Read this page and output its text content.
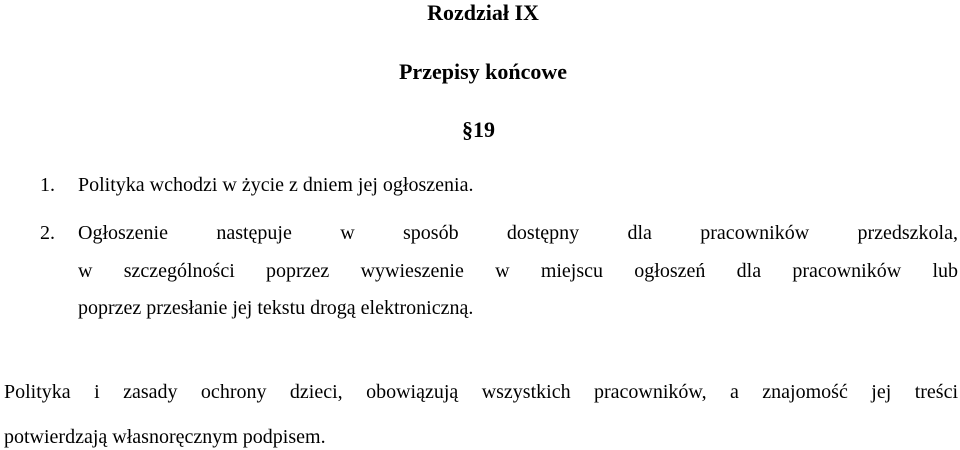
Rozdział IX
Przepisy końcowe
§19
1.	Polityka wchodzi w życie z dniem jej ogłoszenia.
2.	Ogłoszenie następuje w sposób dostępny dla pracowników przedszkola,
w szczególności poprzez wywieszenie w miejscu ogłoszeń dla pracowników lub
poprzez przesłanie jej tekstu drogą elektroniczną.
Polityka i zasady ochrony dzieci, obowiązują wszystkich pracowników, a znajomość jej treści
potwierdzają własnoręcznym podpisem.
